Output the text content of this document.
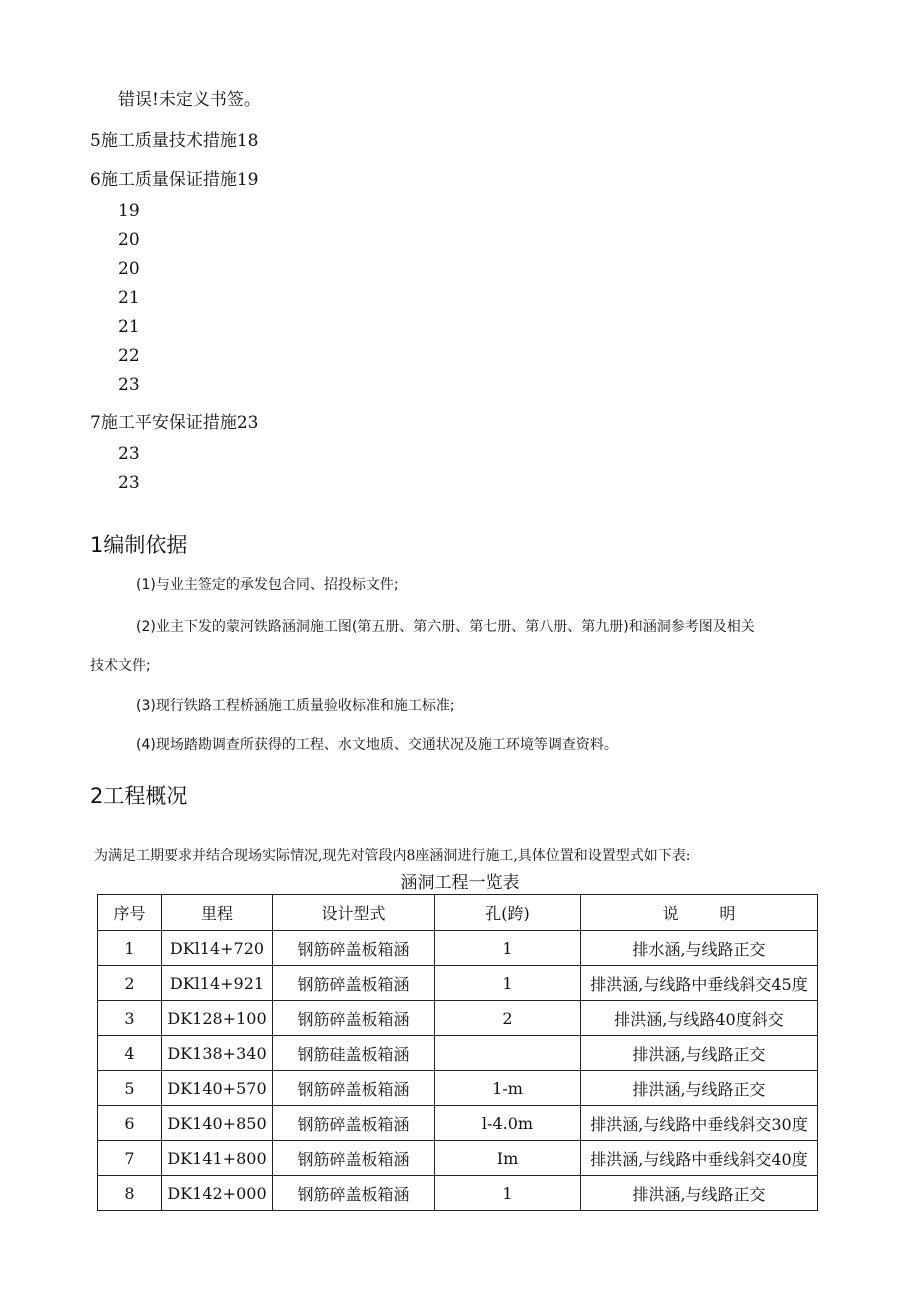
错误!未定义书签。
5施工质量技术措施18
6施工质量保证措施19
19
20
20
21
21
22
23
7施工平安保证措施23
23
23
1编制依据
(1)与业主签定的承发包合同、招投标文件;
(2)业主下发的蒙河铁路涵洞施工图(第五册、第六册、第七册、第八册、第九册)和涵洞参考图及相关
技术文件;
(3)现行铁路工程桥涵施工质量验收标准和施工标准;
(4)现场踏勘调查所获得的工程、水文地质、交通状况及施工环境等调查资料。
2工程概况
为满足工期要求并结合现场实际情况,现先对管段内8座涵洞进行施工,具体位置和设置型式如下表:
涵洞工程一览表
序号	里程	设计型式	孔(跨)	说        明
1	DKl14+720	钢筋碎盖板箱涵	1	排水涵,与线路正交
2	DKl14+921	钢筋碎盖板箱涵	1	排洪涵,与线路中垂线斜交45度
3	DK128+100	钢筋碎盖板箱涵	2	排洪涵,与线路40度斜交
4	DK138+340	钢筋硅盖板箱涵		排洪涵,与线路正交
5	DK140+570	钢筋碎盖板箱涵	1-m	排洪涵,与线路正交
6	DK140+850	钢筋碎盖板箱涵	l-4.0m	排洪涵,与线路中垂线斜交30度
7	DK141+800	钢筋碎盖板箱涵	Im	排洪涵,与线路中垂线斜交40度
8	DK142+000	钢筋碎盖板箱涵	1	排洪涵,与线路正交
